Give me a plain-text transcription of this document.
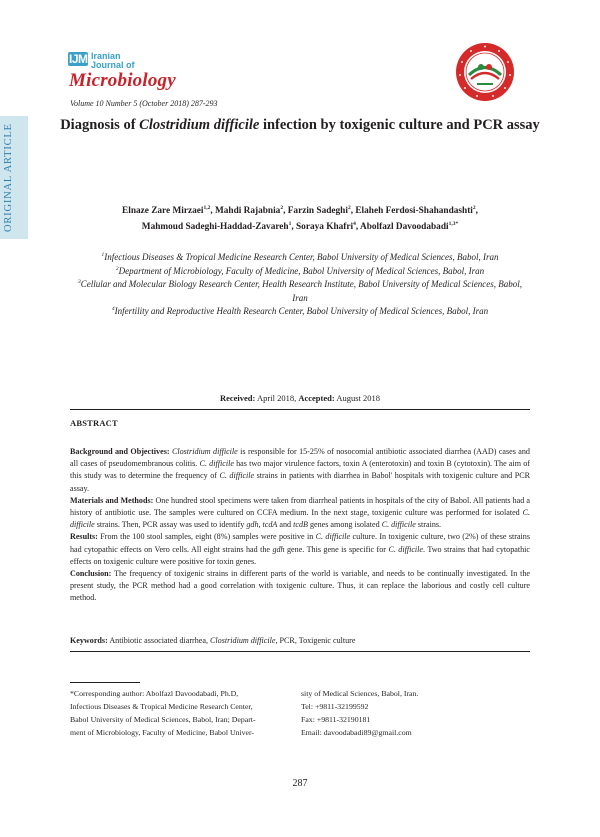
IJM Iranian
Journal of
Microbiology
Volume 10 Number 5 (October 2018) 287-293
ORIGINAL ARTICLE	Diagnosis of Clostridium difficile infection by toxigenic culture and PCR assay
Elnaze Zare Mirzaei$^{1,2}$, Mahdi Rajabnia$^2$, Farzin Sadeghi$^2$, Elaheh Ferdosi-Shahandashti$^2$,
Mahmoud Sadeghi-Haddad-Zavareh$^1$, Soraya Khafri$^4$, Abolfazl Davoodabadi$^{1,3*}$
$^1$Infectious Diseases & Tropical Medicine Research Center, Babol University of Medical Sciences, Babol, Iran
$^2$Department of Microbiology, Faculty of Medicine, Babol University of Medical Sciences, Babol, Iran
$^3$Cellular and Molecular Biology Research Center, Health Research Institute, Babol University of Medical Sciences, Babol, Iran
$^4$Infertility and Reproductive Health Research Center, Babol University of Medical Sciences, Babol, Iran
Received: April 2018, Accepted: August 2018
ABSTRACT

Background and Objectives: Clostridium difficile is responsible for 15-25% of nosocomial antibiotic associated diarrhea (AAD) cases and all cases of pseudomembranous colitis. C. difficile has two major virulence factors, toxin A (enterotoxin) and toxin B (cytotoxin). The aim of this study was to determine the frequency of C. difficile strains in patients with diarrhea in Babol' hospitals with toxigenic culture and PCR assay.

Materials and Methods: One hundred stool specimens were taken from diarrheal patients in hospitals of the city of Babol. All patients had a history of antibiotic use. The samples were cultured on CCFA medium. In the next stage, toxigenic culture was performed for isolated C. difficile strains. Then, PCR assay was used to identify gdh, tcdA and tcdB genes among isolated C. difficile strains.

Results: From the 100 stool samples, eight (8%) samples were positive in C. difficile culture. In toxigenic culture, two (2%) of these strains had cytopathic effects on Vero cells. All eight strains had the gdh gene. This gene is specific for C. difficile. Two strains that had cytopathic effects on toxigenic culture were positive for toxin genes.

Conclusion: The frequency of toxigenic strains in different parts of the world is variable, and needs to be continually investigated. In the present study, the PCR method had a good correlation with toxigenic culture. Thus, it can replace the laborious and costly cell culture method.

Keywords: Antibiotic associated diarrhea, Clostridium difficile, PCR, Toxigenic culture
*Corresponding author: Abolfazl Davoodabadi, Ph.D,
Infectious Diseases & Tropical Medicine Research Center,
Babol University of Medical Sciences, Babol, Iran; Depart-
ment of Microbiology, Faculty of Medicine, Babol Univer-
sity of Medical Sciences, Babol, Iran.
Tel: +9811-32199592
Fax: +9811-32190181
Email: davoodabadi89@gmail.com
287
